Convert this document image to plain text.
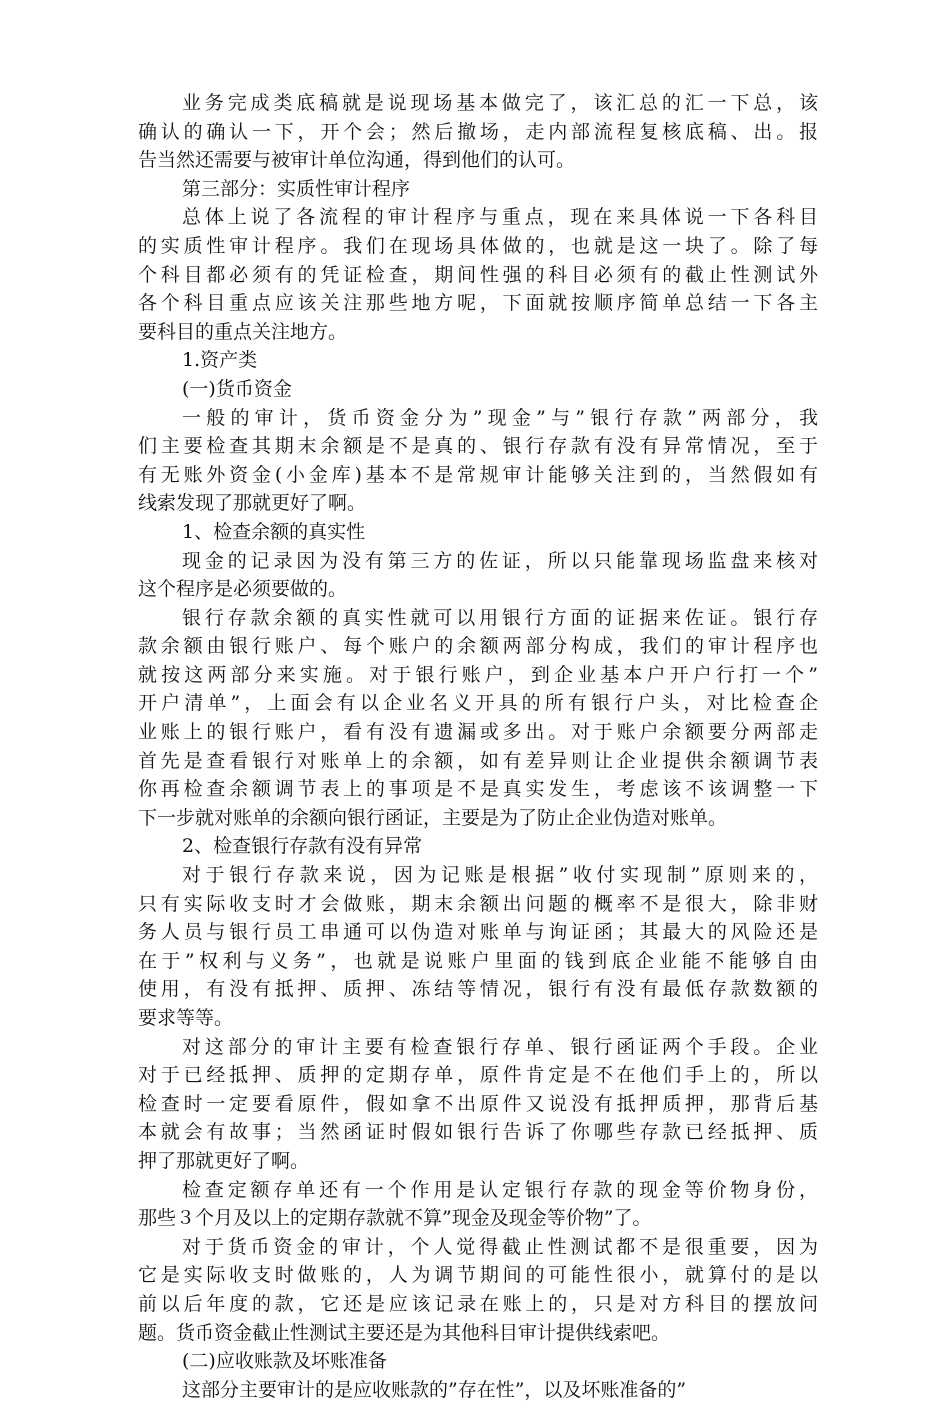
业务完成类底稿就是说现场基本做完了，该汇总的汇一下总，该
确认的确认一下，开个会；然后撤场，走内部流程复核底稿、出。报
告当然还需要与被审计单位沟通，得到他们的认可。
第三部分：实质性审计程序
总体上说了各流程的审计程序与重点，现在来具体说一下各科目
的实质性审计程序。我们在现场具体做的，也就是这一块了。除了每
个科目都必须有的凭证检查，期间性强的科目必须有的截止性测试外
各个科目重点应该关注那些地方呢，下面就按顺序简单总结一下各主
要科目的重点关注地方。
1.资产类
(一)货币资金
一般的审计，货币资金分为”现金”与”银行存款”两部分，我
们主要检查其期末余额是不是真的、银行存款有没有异常情况，至于
有无账外资金(小金库)基本不是常规审计能够关注到的，当然假如有
线索发现了那就更好了啊。
1、检查余额的真实性
现金的记录因为没有第三方的佐证，所以只能靠现场监盘来核对
这个程序是必须要做的。
银行存款余额的真实性就可以用银行方面的证据来佐证。银行存
款余额由银行账户、每个账户的余额两部分构成，我们的审计程序也
就按这两部分来实施。对于银行账户，到企业基本户开户行打一个”
开户清单”，上面会有以企业名义开具的所有银行户头，对比检查企
业账上的银行账户，看有没有遗漏或多出。对于账户余额要分两部走
首先是查看银行对账单上的余额，如有差异则让企业提供余额调节表
你再检查余额调节表上的事项是不是真实发生，考虑该不该调整一下
下一步就对账单的余额向银行函证，主要是为了防止企业伪造对账单。
2、检查银行存款有没有异常
对于银行存款来说，因为记账是根据”收付实现制”原则来的，
只有实际收支时才会做账，期末余额出问题的概率不是很大，除非财
务人员与银行员工串通可以伪造对账单与询证函；其最大的风险还是
在于”权利与义务”，也就是说账户里面的钱到底企业能不能够自由
使用，有没有抵押、质押、冻结等情况，银行有没有最低存款数额的
要求等等。
对这部分的审计主要有检查银行存单、银行函证两个手段。企业
对于已经抵押、质押的定期存单，原件肯定是不在他们手上的，所以
检查时一定要看原件，假如拿不出原件又说没有抵押质押，那背后基
本就会有故事；当然函证时假如银行告诉了你哪些存款已经抵押、质
押了那就更好了啊。
检查定额存单还有一个作用是认定银行存款的现金等价物身份，
那些３个月及以上的定期存款就不算”现金及现金等价物”了。
对于货币资金的审计，个人觉得截止性测试都不是很重要，因为
它是实际收支时做账的，人为调节期间的可能性很小，就算付的是以
前以后年度的款，它还是应该记录在账上的，只是对方科目的摆放问
题。货币资金截止性测试主要还是为其他科目审计提供线索吧。
(二)应收账款及坏账准备
这部分主要审计的是应收账款的”存在性”，以及坏账准备的”
